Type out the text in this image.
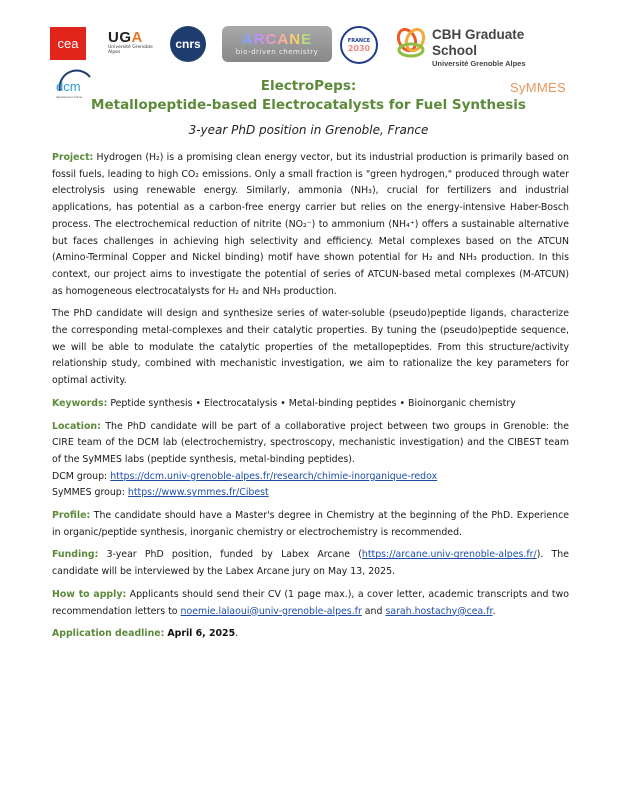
cea UGA
Université Grenoble Alpes
cnrs	ARCANE
bio-driven chemistry
FRANCE
2030
CBH Graduate School
Université Grenoble Alpes
dcm
département chimie
SyMMES
ElectroPeps:
Metallopeptide-based Electrocatalysts for Fuel Synthesis
3-year PhD position in Grenoble, France

Project: Hydrogen (H₂) is a promising clean energy vector, but its industrial production is primarily based on fossil fuels, leading to high CO₂ emissions. Only a small fraction is "green hydrogen," produced through water electrolysis using renewable energy. Similarly, ammonia (NH₃), crucial for fertilizers and industrial applications, has potential as a carbon-free energy carrier but relies on the energy-intensive Haber-Bosch process. The electrochemical reduction of nitrite (NO₂⁻) to ammonium (NH₄⁺) offers a sustainable alternative but faces challenges in achieving high selectivity and efficiency. Metal complexes based on the ATCUN (Amino-Terminal Copper and Nickel binding) motif have shown potential for H₂ and NH₃ production. In this context, our project aims to investigate the potential of series of ATCUN-based metal complexes (M-ATCUN) as homogeneous electrocatalysts for H₂ and NH₃ production.

The PhD candidate will design and synthesize series of water-soluble (pseudo)peptide ligands, characterize the corresponding metal-complexes and their catalytic properties. By tuning the (pseudo)peptide sequence, we will be able to modulate the catalytic properties of the metallopeptides. From this structure/activity relationship study, combined with mechanistic investigation, we aim to rationalize the key parameters for optimal activity.

Keywords: Peptide synthesis • Electrocatalysis • Metal-binding peptides • Bioinorganic chemistry

Location: The PhD candidate will be part of a collaborative project between two groups in Grenoble: the CIRE team of the DCM lab (electrochemistry, spectroscopy, mechanistic investigation) and the CIBEST team of the SyMMES labs (peptide synthesis, metal-binding peptides).

DCM group: https://dcm.univ-grenoble-alpes.fr/research/chimie-inorganique-redox

SyMMES group: https://www.symmes.fr/Cibest

Profile: The candidate should have a Master's degree in Chemistry at the beginning of the PhD. Experience in organic/peptide synthesis, inorganic chemistry or electrochemistry is recommended.

Funding: 3-year PhD position, funded by Labex Arcane (https://arcane.univ-grenoble-alpes.fr/). The candidate will be interviewed by the Labex Arcane jury on May 13, 2025.

How to apply: Applicants should send their CV (1 page max.), a cover letter, academic transcripts and two recommendation letters to noemie.lalaoui@univ-grenoble-alpes.fr and sarah.hostachy@cea.fr.

Application deadline: April 6, 2025.
